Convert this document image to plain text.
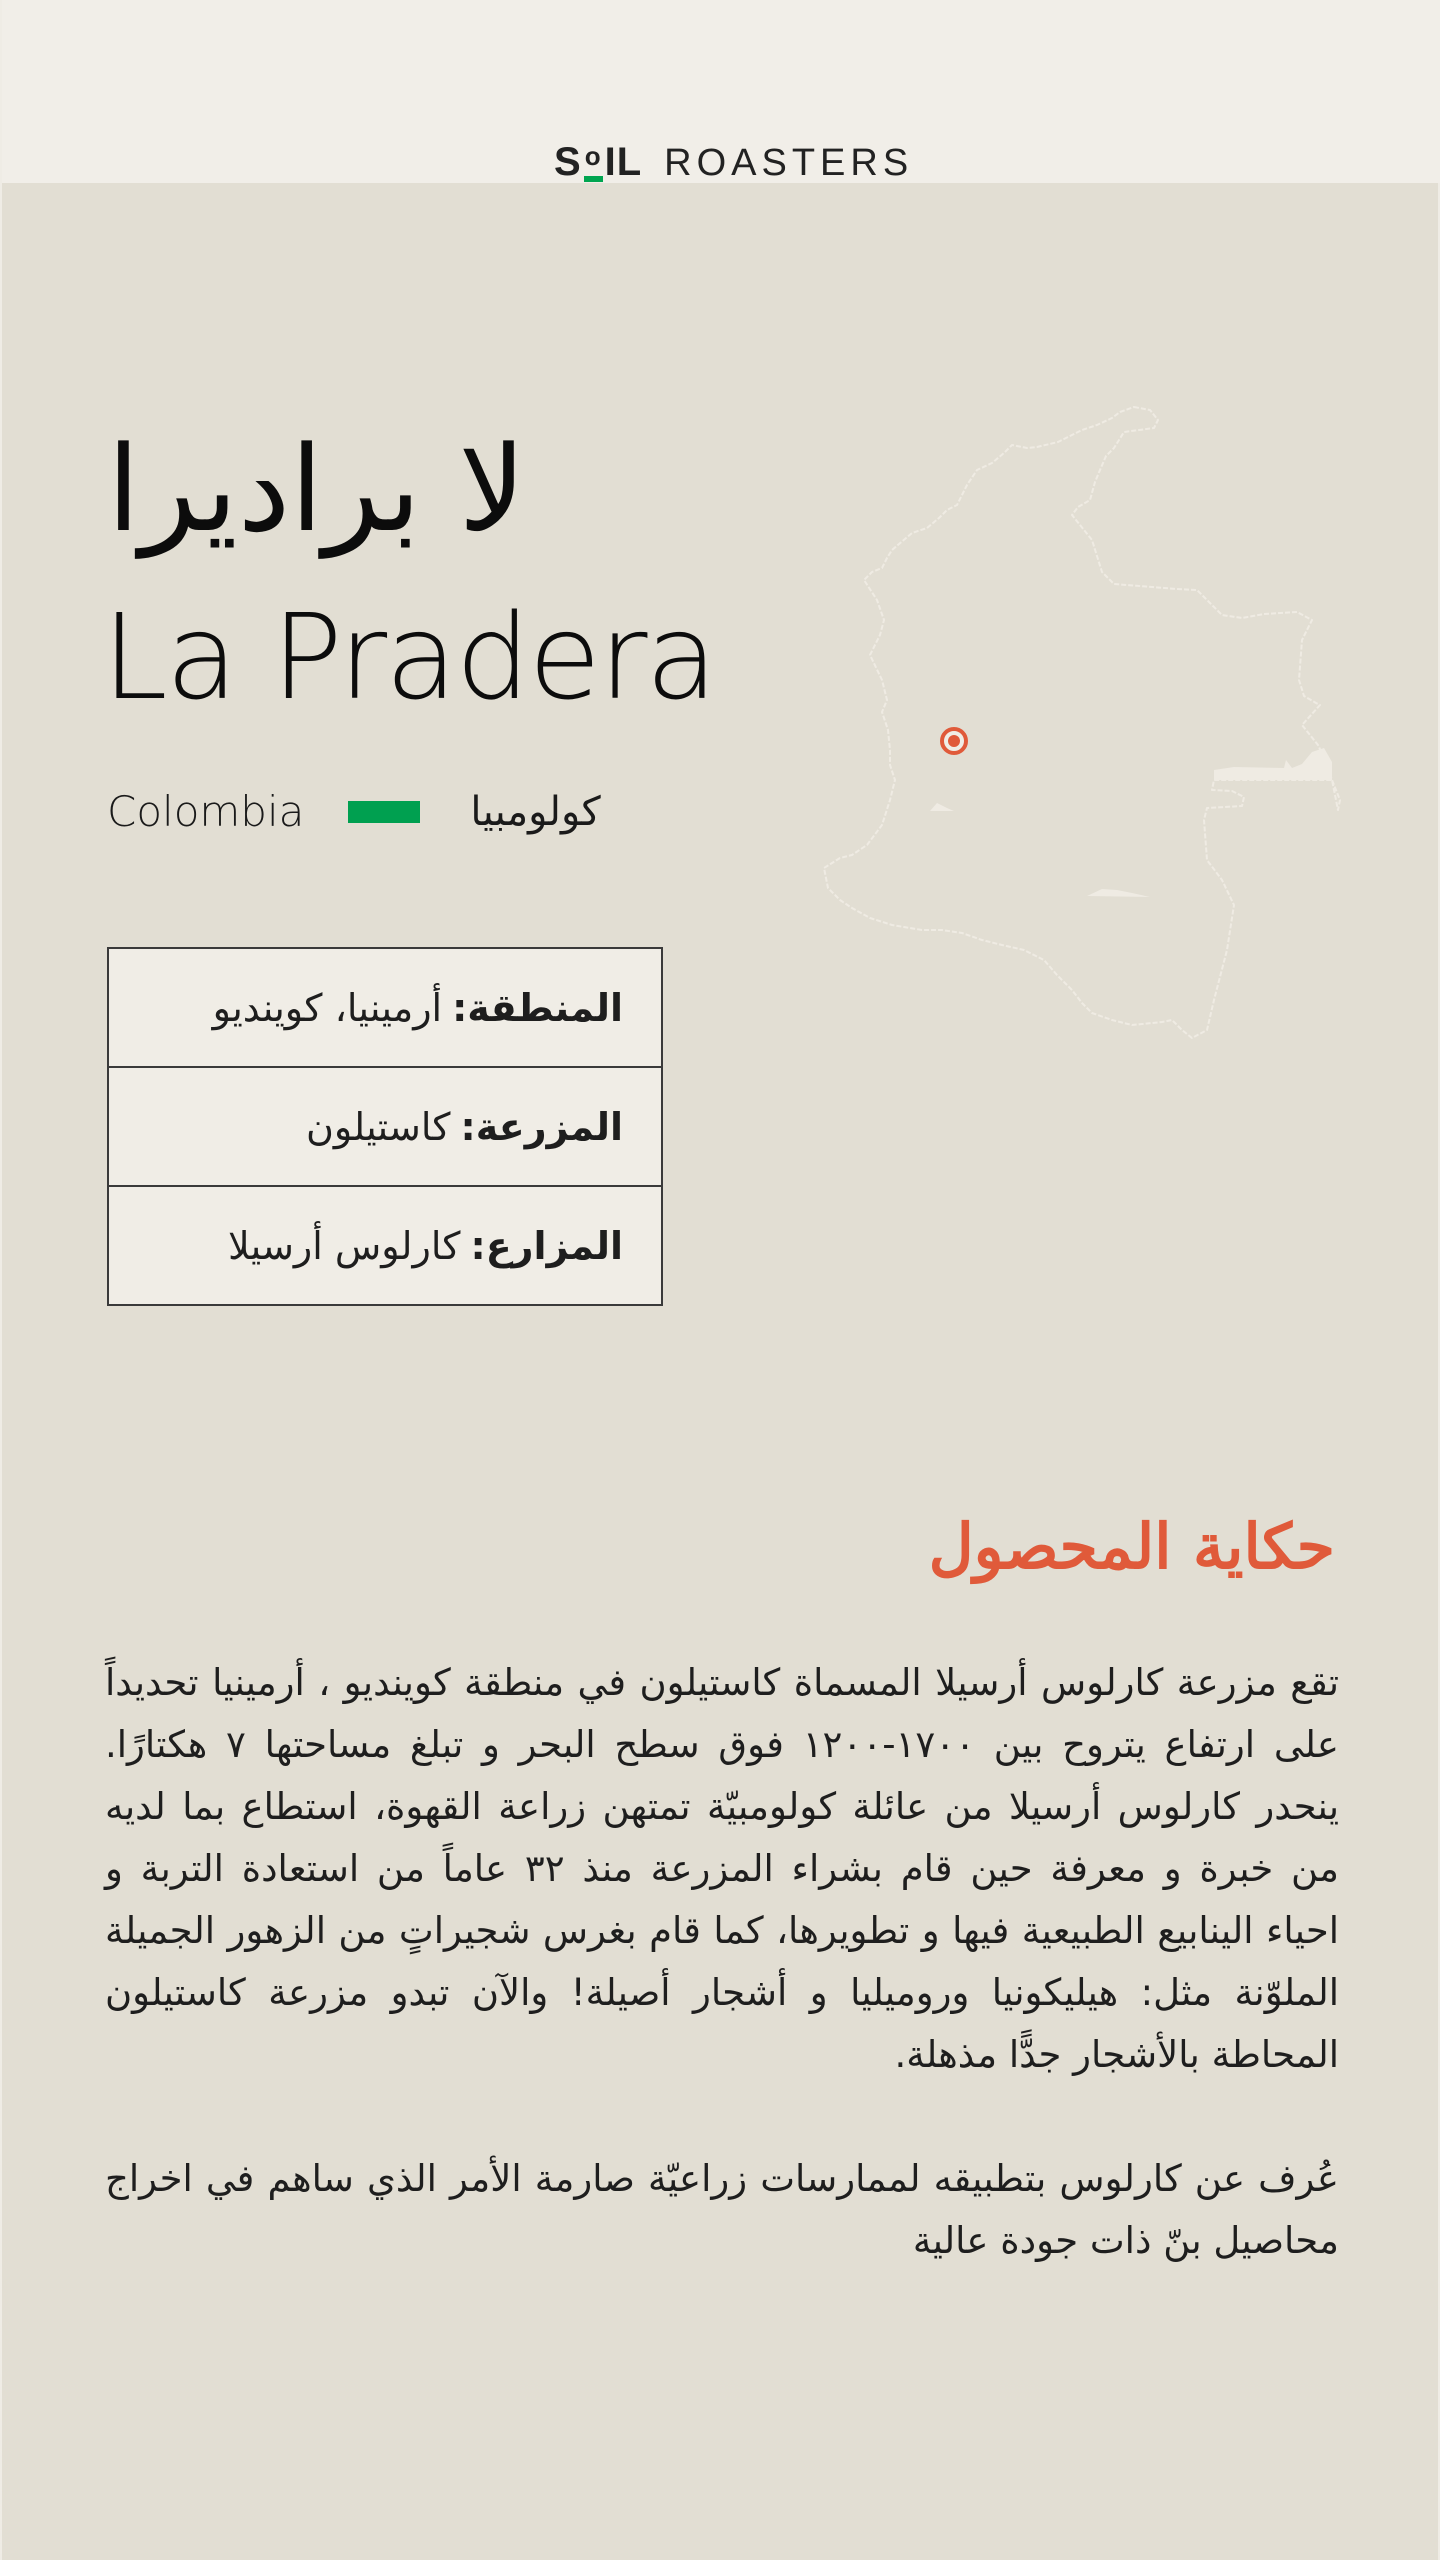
S o IL ROASTERS
لا براديرا
La Pradera
Colombia	كولومبيا
المنطقة:
أرمينيا، كويندیو
المزرعة:
كاستيلون
المزارع:
كارلوس أرسيلا
حكاية المحصول

تقع مزرعة كارلوس أرسيلا المسماة كاستيلون في منطقة كويندیو ، أرمينيا تحديداً على ارتفاع يتروح بين ١٧٠٠-١٢٠٠ فوق سطح البحر و تبلغ مساحتها ٧ هكتارًا. ينحدر كارلوس أرسيلا من عائلة كولومبيّة تمتهن زراعة القهوة، استطاع بما لديه من خبرة و معرفة حين قام بشراء المزرعة منذ ٣٢ عاماً من استعادة التربة و احياء الينابيع الطبيعية فيها و تطويرها، كما قام بغرس شجيراتٍ من الزهور الجميلة الملوّنة مثل: هيليكونيا وروميليا و أشجار أصيلة! والآن تبدو مزرعة كاستيلون المحاطة بالأشجار جدًّا مذهلة.

عُرف عن كارلوس بتطبيقه لممارسات زراعيّة صارمة الأمر الذي ساهم في اخراج محاصيل بنّ ذات جودة عالية
